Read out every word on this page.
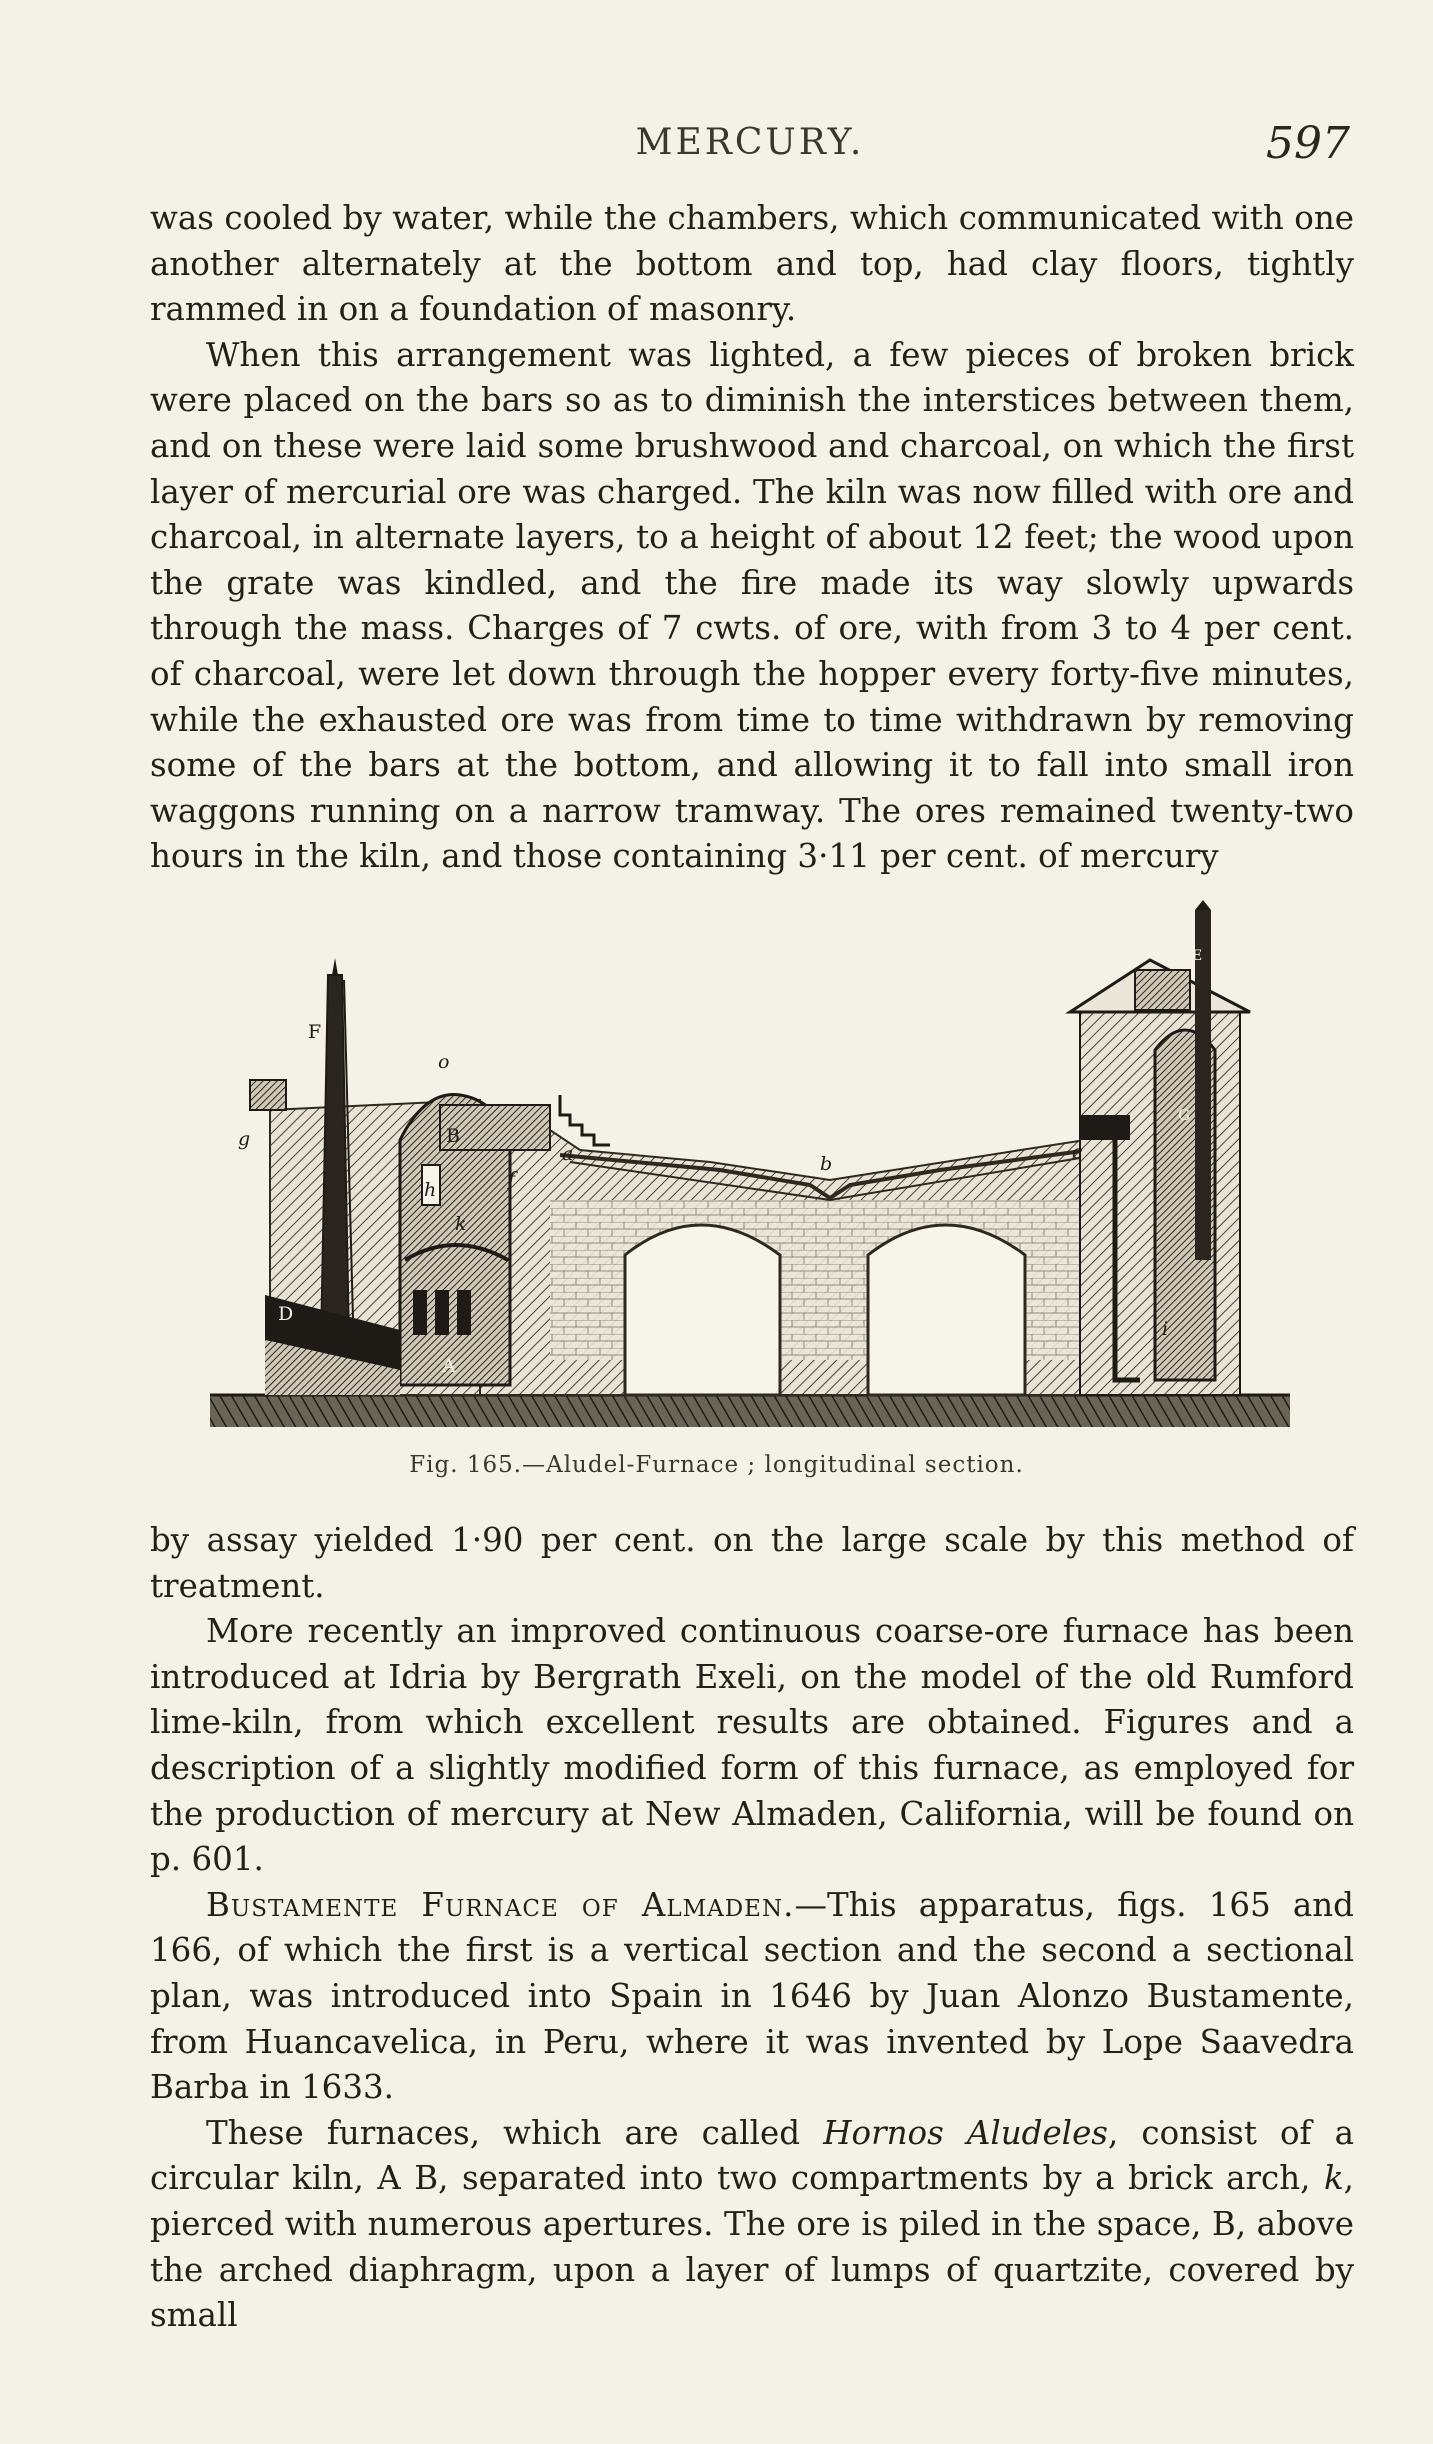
MERCURY.	597

was cooled by water, while the chambers, which communicated with one another alternately at the bottom and top, had clay floors, tightly rammed in on a foundation of masonry.

When this arrangement was lighted, a few pieces of broken brick were placed on the bars so as to diminish the interstices between them, and on these were laid some brushwood and charcoal, on which the first layer of mercurial ore was charged. The kiln was now filled with ore and charcoal, in alternate layers, to a height of about 12 feet; the wood upon the grate was kindled, and the fire made its way slowly upwards through the mass. Charges of 7 cwts. of ore, with from 3 to 4 per cent. of charcoal, were let down through the hopper every forty-five minutes, while the exhausted ore was from time to time withdrawn by removing some of the bars at the bottom, and allowing it to fall into small iron waggons running on a narrow tramway. The ores remained twenty-two hours in the kiln, and those containing 3·11 per cent. of mercury

F
g
o
B
h
k
f
a	b
c
E
G
D
A
i
Fig. 165.—Aludel-Furnace ; longitudinal section.

by assay yielded 1·90 per cent. on the large scale by this method of treatment.

More recently an improved continuous coarse-ore furnace has been introduced at Idria by Bergrath Exeli, on the model of the old Rumford lime-kiln, from which excellent results are obtained. Figures and a description of a slightly modified form of this furnace, as employed for the production of mercury at New Almaden, California, will be found on p. 601.

Bustamente Furnace of Almaden.—This apparatus, figs. 165 and 166, of which the first is a vertical section and the second a sectional plan, was introduced into Spain in 1646 by Juan Alonzo Bustamente, from Huancavelica, in Peru, where it was invented by Lope Saavedra Barba in 1633.

These furnaces, which are called Hornos Aludeles, consist of a circular kiln, A B, separated into two compartments by a brick arch, k, pierced with numerous apertures. The ore is piled in the space, B, above the arched diaphragm, upon a layer of lumps of quartzite, covered by small
